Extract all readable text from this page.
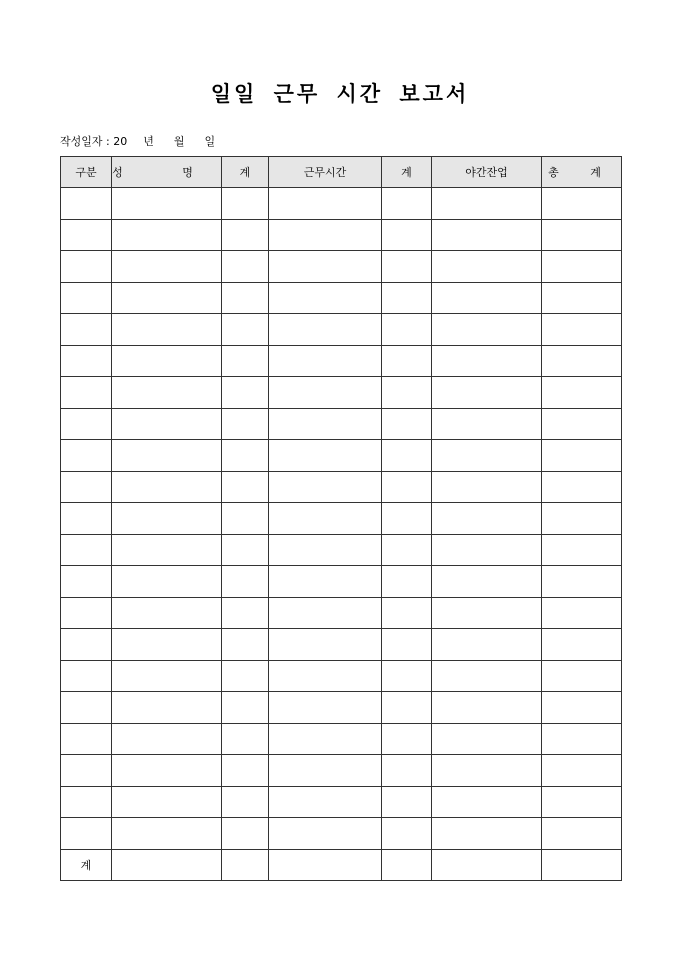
일일 근무 시간 보고서
작성일자 : 20 년 월 일
구분	성 명	계	근무시간	계	야간잔업	총 계

계						
